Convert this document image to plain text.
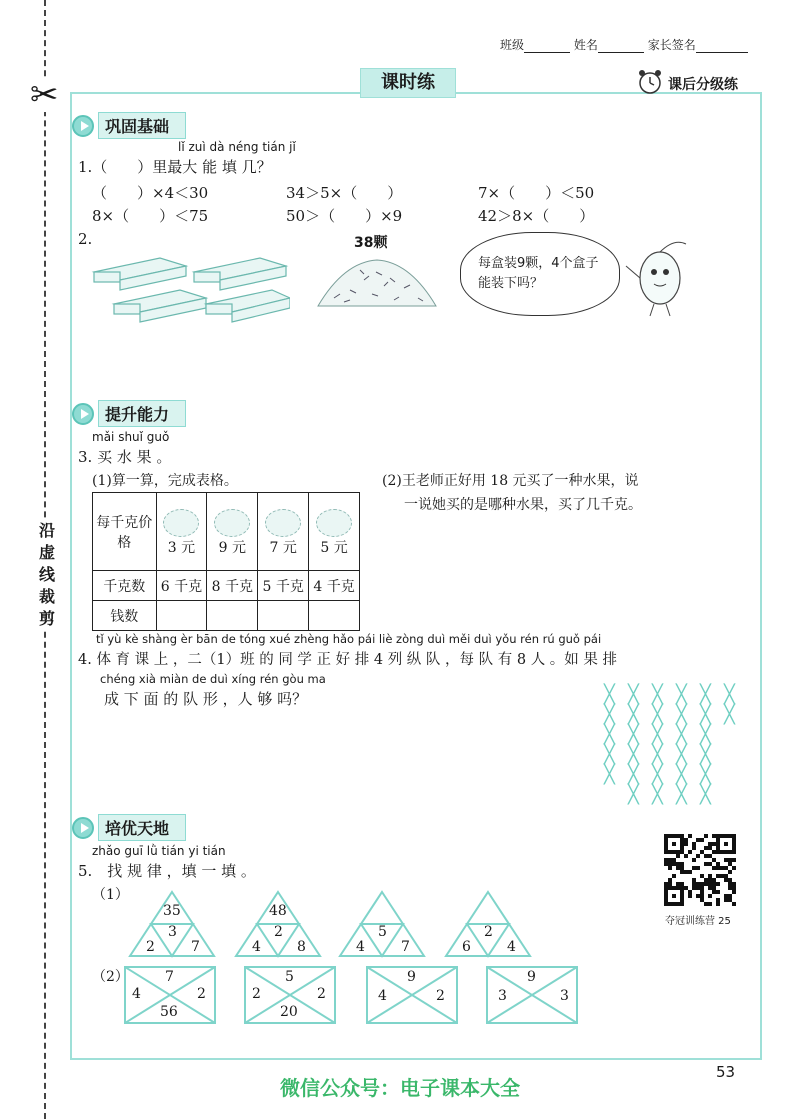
✂
沿虚线裁剪
班级	姓名	家长签名
课时练	课后分级练
巩固基础
lǐ zuì dà néng tián jǐ
1.（　　）里最大 能 填 几？
（　　）×4＜30	34＞5×（　　）	7×（　　）＜50
8×（　　）＜75	50＞（　　）×9	42＞8×（　　）
2.	38颗
每盒装9颗，4个盒子能装下吗？
提升能力
mǎi shuǐ guǒ
3. 买 水 果 。
(1)算一算，完成表格。	(2)王老师正好用 18 元买了一种水果，说
一说她买的是哪种水果，买了几千克。
每千克价格	3 元	9 元	7 元	5 元

千克数	6 千克	8 千克	5 千克	4 千克
钱数				
tǐ yù kè shàng èr bān de tóng xué zhèng hǎo pái liè zòng duì měi duì yǒu rén rú guǒ pái
4. 体 育 课 上 ，二（1）班 的 同 学 正 好 排 4 列 纵 队 ，每 队 有 8 人 。如 果 排
chéng xià miàn de duì xíng rén gòu ma
成 下 面 的 队 形 ，人 够 吗？	╳ ╳ ╳ ╳ ╳ ╳
╳ ╳ ╳ ╳ ╳ ╳
╳ ╳ ╳ ╳ ╳
╳ ╳ ╳ ╳ ╳
╳ ╳ ╳ ╳ ╳
╳ ╳ ╳ ╳
培优天地
zhǎo guī lǜ tián yi tián
5.　找 规 律 ，填 一 填 。
（1）
（2）
35
3
2	7
48
2
4	8
5
4	7
2
6	4
7
4	2
56
5
2	2
20
9
4	2
9
3	3
夺冠训练营 25
53
微信公众号：电子课本大全
